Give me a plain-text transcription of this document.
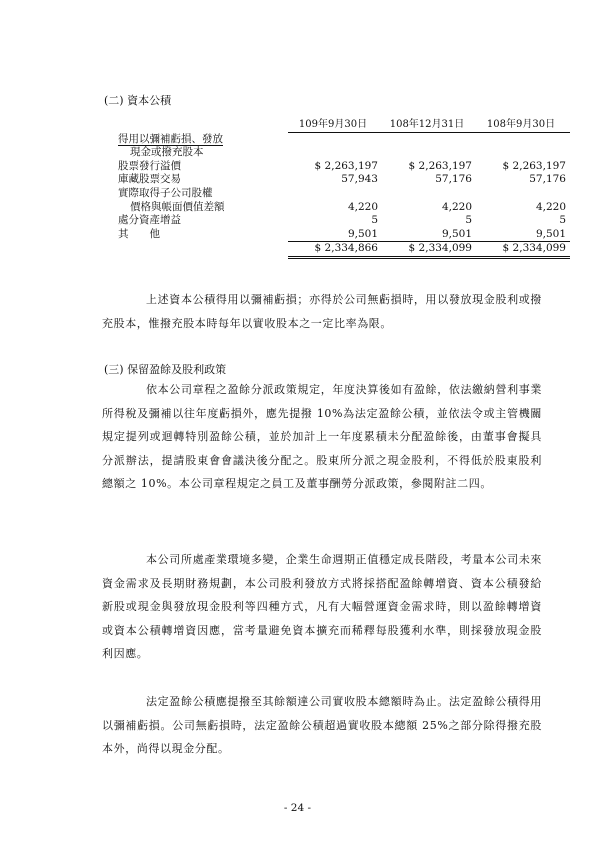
(二) 資本公積
	109年9月30日	108年12月31日	108年9月30日
得用以彌補虧損、發放			
現金或撥充股本			
股票發行溢價	$ 2,263,197	$ 2,263,197	$ 2,263,197
庫藏股票交易	57,943	57,176	57,176
實際取得子公司股權			
價格與帳面價值差額	4,220	4,220	4,220
處分資產增益	5	5	5
其　　他	9,501	9,501	9,501
	$ 2,334,866	$ 2,334,099	$ 2,334,099
上述資本公積得用以彌補虧損；亦得於公司無虧損時，用以發放現金股利或撥充股本，惟撥充股本時每年以實收股本之一定比率為限。
(三) 保留盈餘及股利政策
依本公司章程之盈餘分派政策規定，年度決算後如有盈餘，依法繳納營利事業所得稅及彌補以往年度虧損外，應先提撥 10%為法定盈餘公積，並依法令或主管機關規定提列或迴轉特別盈餘公積，並於加計上一年度累積未分配盈餘後，由董事會擬具分派辦法，提請股東會會議決後分配之。股東所分派之現金股利，不得低於股東股利總額之 10%。本公司章程規定之員工及董事酬勞分派政策，參閱附註二四。
本公司所處產業環境多變，企業生命週期正值穩定成長階段，考量本公司未來資金需求及長期財務規劃，本公司股利發放方式將採搭配盈餘轉增資、資本公積發給新股或現金與發放現金股利等四種方式，凡有大幅營運資金需求時，則以盈餘轉增資或資本公積轉增資因應，當考量避免資本擴充而稀釋每股獲利水準，則採發放現金股利因應。
法定盈餘公積應提撥至其餘額達公司實收股本總額時為止。法定盈餘公積得用以彌補虧損。公司無虧損時，法定盈餘公積超過實收股本總額 25%之部分除得撥充股本外，尚得以現金分配。
- 24 -
